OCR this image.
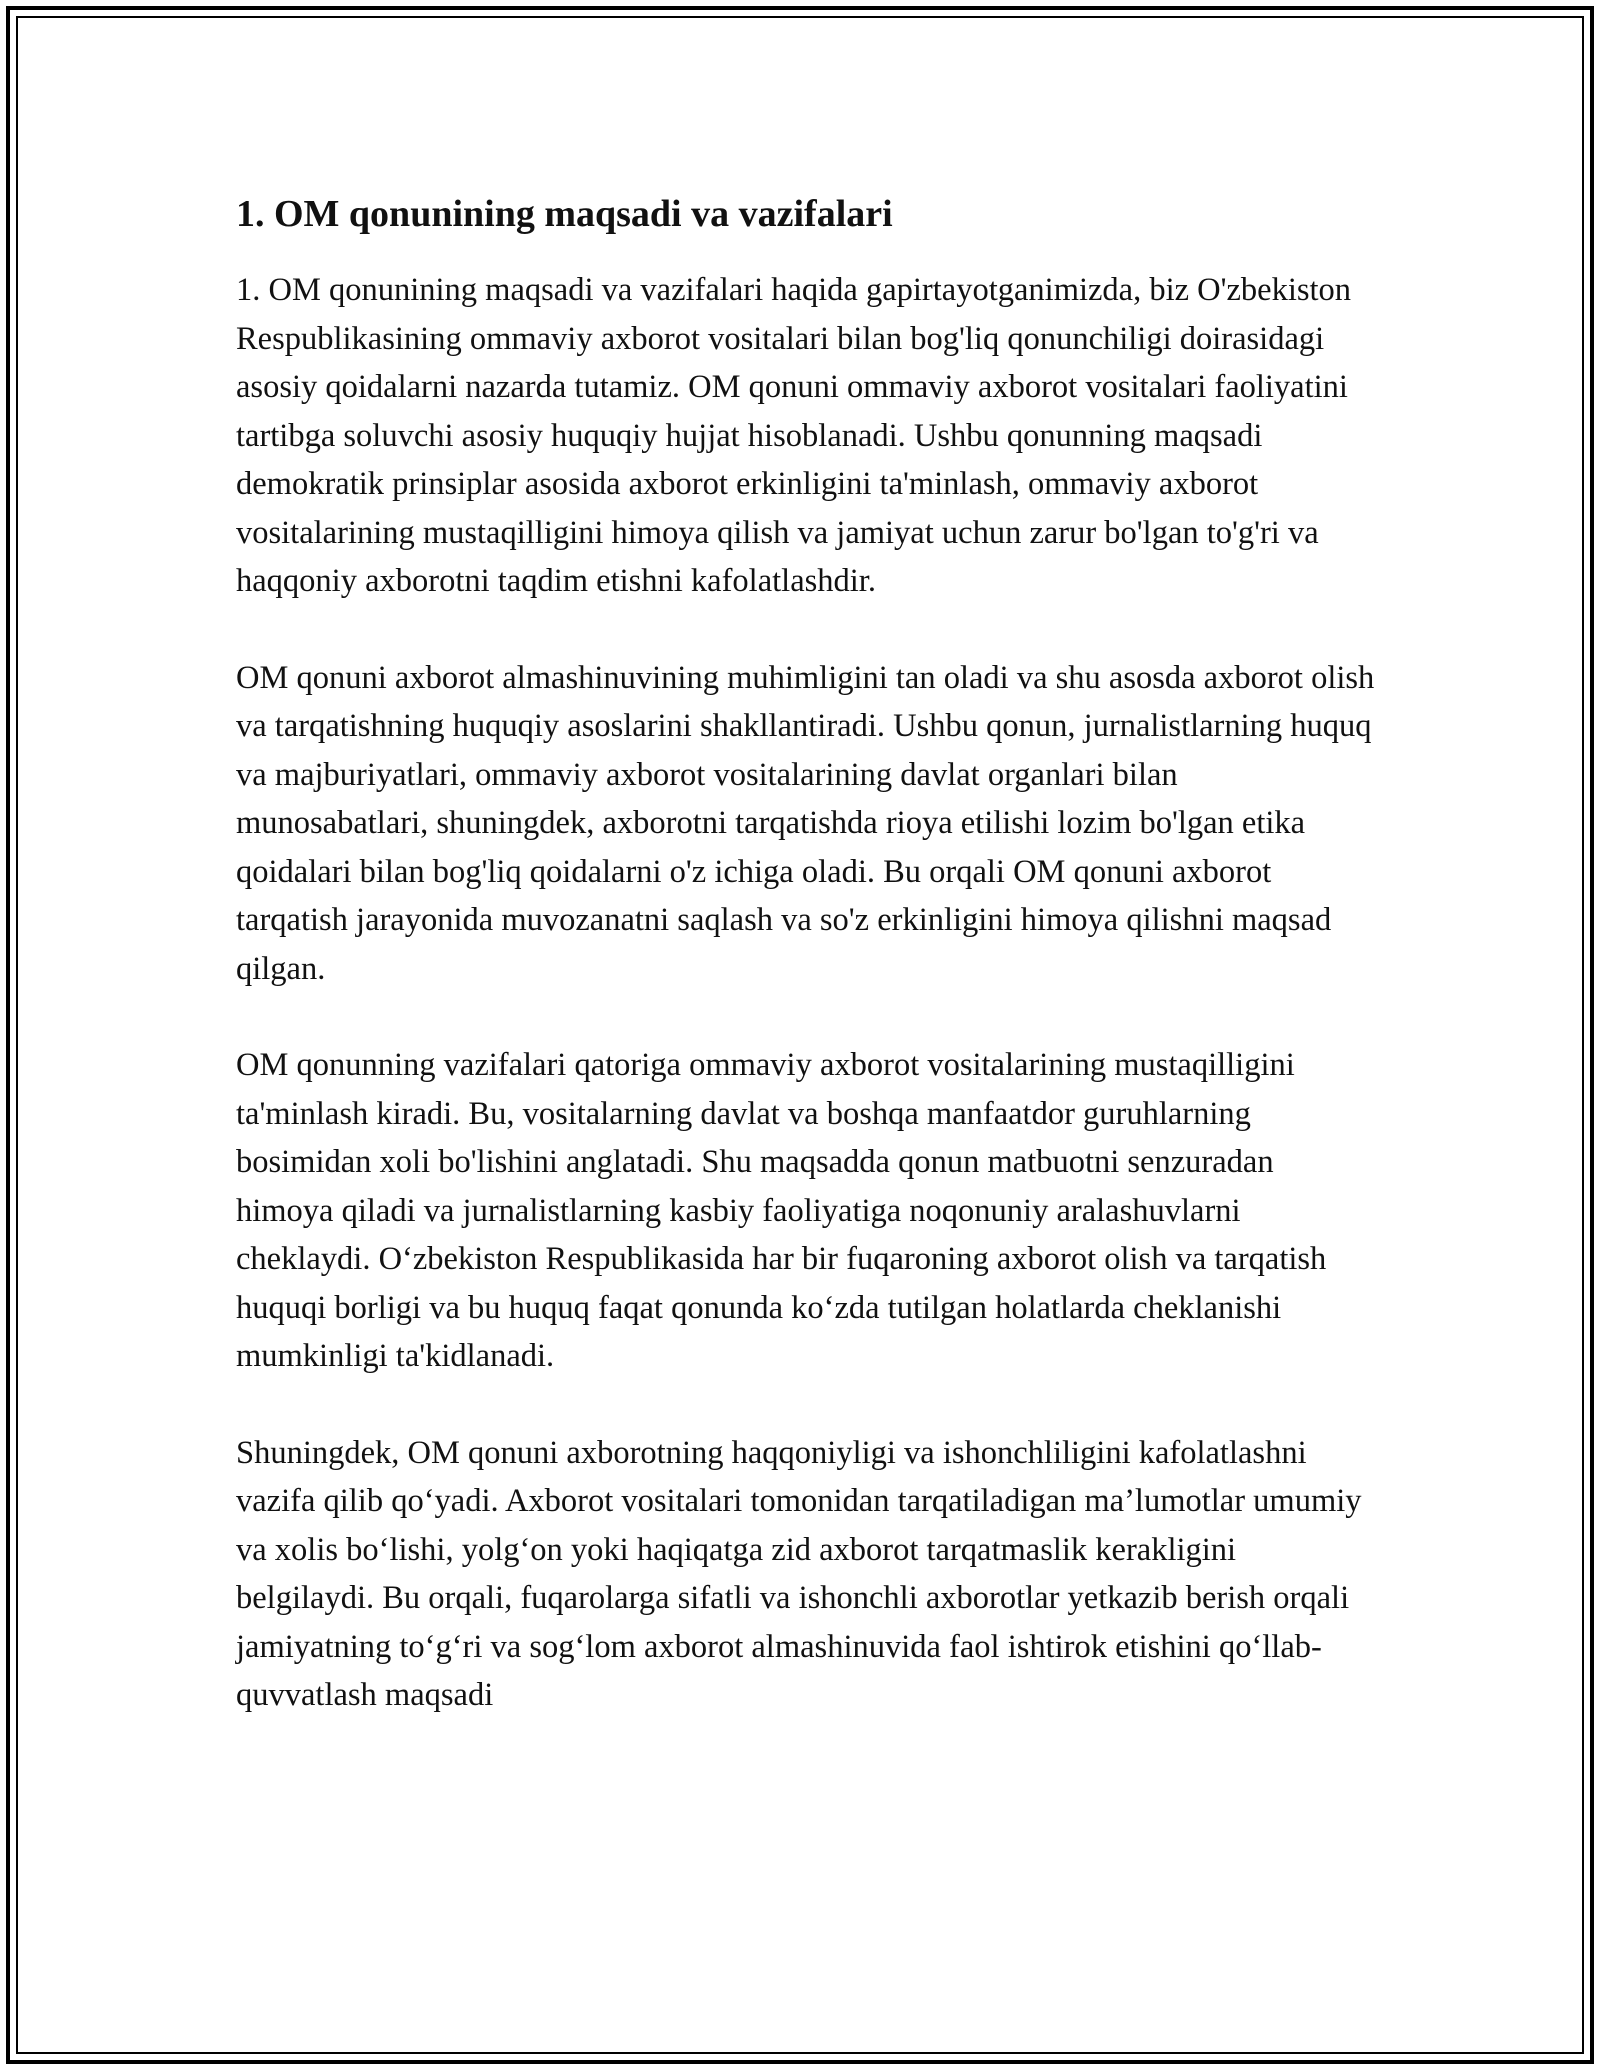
1. OM qonunining maqsadi va vazifalari

1. OM qonunining maqsadi va vazifalari haqida gapirtayotganimizda, biz O'zbekiston Respublikasining ommaviy axborot vositalari bilan bog'liq qonunchiligi doirasidagi asosiy qoidalarni nazarda tutamiz. OM qonuni ommaviy axborot vositalari faoliyatini tartibga soluvchi asosiy huquqiy hujjat hisoblanadi. Ushbu qonunning maqsadi demokratik prinsiplar asosida axborot erkinligini ta'minlash, ommaviy axborot vositalarining mustaqilligini himoya qilish va jamiyat uchun zarur bo'lgan to'g'ri va haqqoniy axborotni taqdim etishni kafolatlashdir.

OM qonuni axborot almashinuvining muhimligini tan oladi va shu asosda axborot olish va tarqatishning huquqiy asoslarini shakllantiradi. Ushbu qonun, jurnalistlarning huquq va majburiyatlari, ommaviy axborot vositalarining davlat organlari bilan munosabatlari, shuningdek, axborotni tarqatishda rioya etilishi lozim bo'lgan etika qoidalari bilan bog'liq qoidalarni o'z ichiga oladi. Bu orqali OM qonuni axborot tarqatish jarayonida muvozanatni saqlash va so'z erkinligini himoya qilishni maqsad qilgan.

OM qonunning vazifalari qatoriga ommaviy axborot vositalarining mustaqilligini ta'minlash kiradi. Bu, vositalarning davlat va boshqa manfaatdor guruhlarning bosimidan xoli bo'lishini anglatadi. Shu maqsadda qonun matbuotni senzuradan himoya qiladi va jurnalistlarning kasbiy faoliyatiga noqonuniy aralashuvlarni cheklaydi. O‘zbekiston Respublikasida har bir fuqaroning axborot olish va tarqatish huquqi borligi va bu huquq faqat qonunda ko‘zda tutilgan holatlarda cheklanishi mumkinligi ta'kidlanadi.

Shuningdek, OM qonuni axborotning haqqoniyligi va ishonchliligini kafolatlashni vazifa qilib qo‘yadi. Axborot vositalari tomonidan tarqatiladigan ma’lumotlar umumiy va xolis bo‘lishi, yolg‘on yoki haqiqatga zid axborot tarqatmaslik kerakligini belgilaydi. Bu orqali, fuqarolarga sifatli va ishonchli axborotlar yetkazib berish orqali jamiyatning to‘g‘ri va sog‘lom axborot almashinuvida faol ishtirok etishini qo‘llab-quvvatlash maqsadi
